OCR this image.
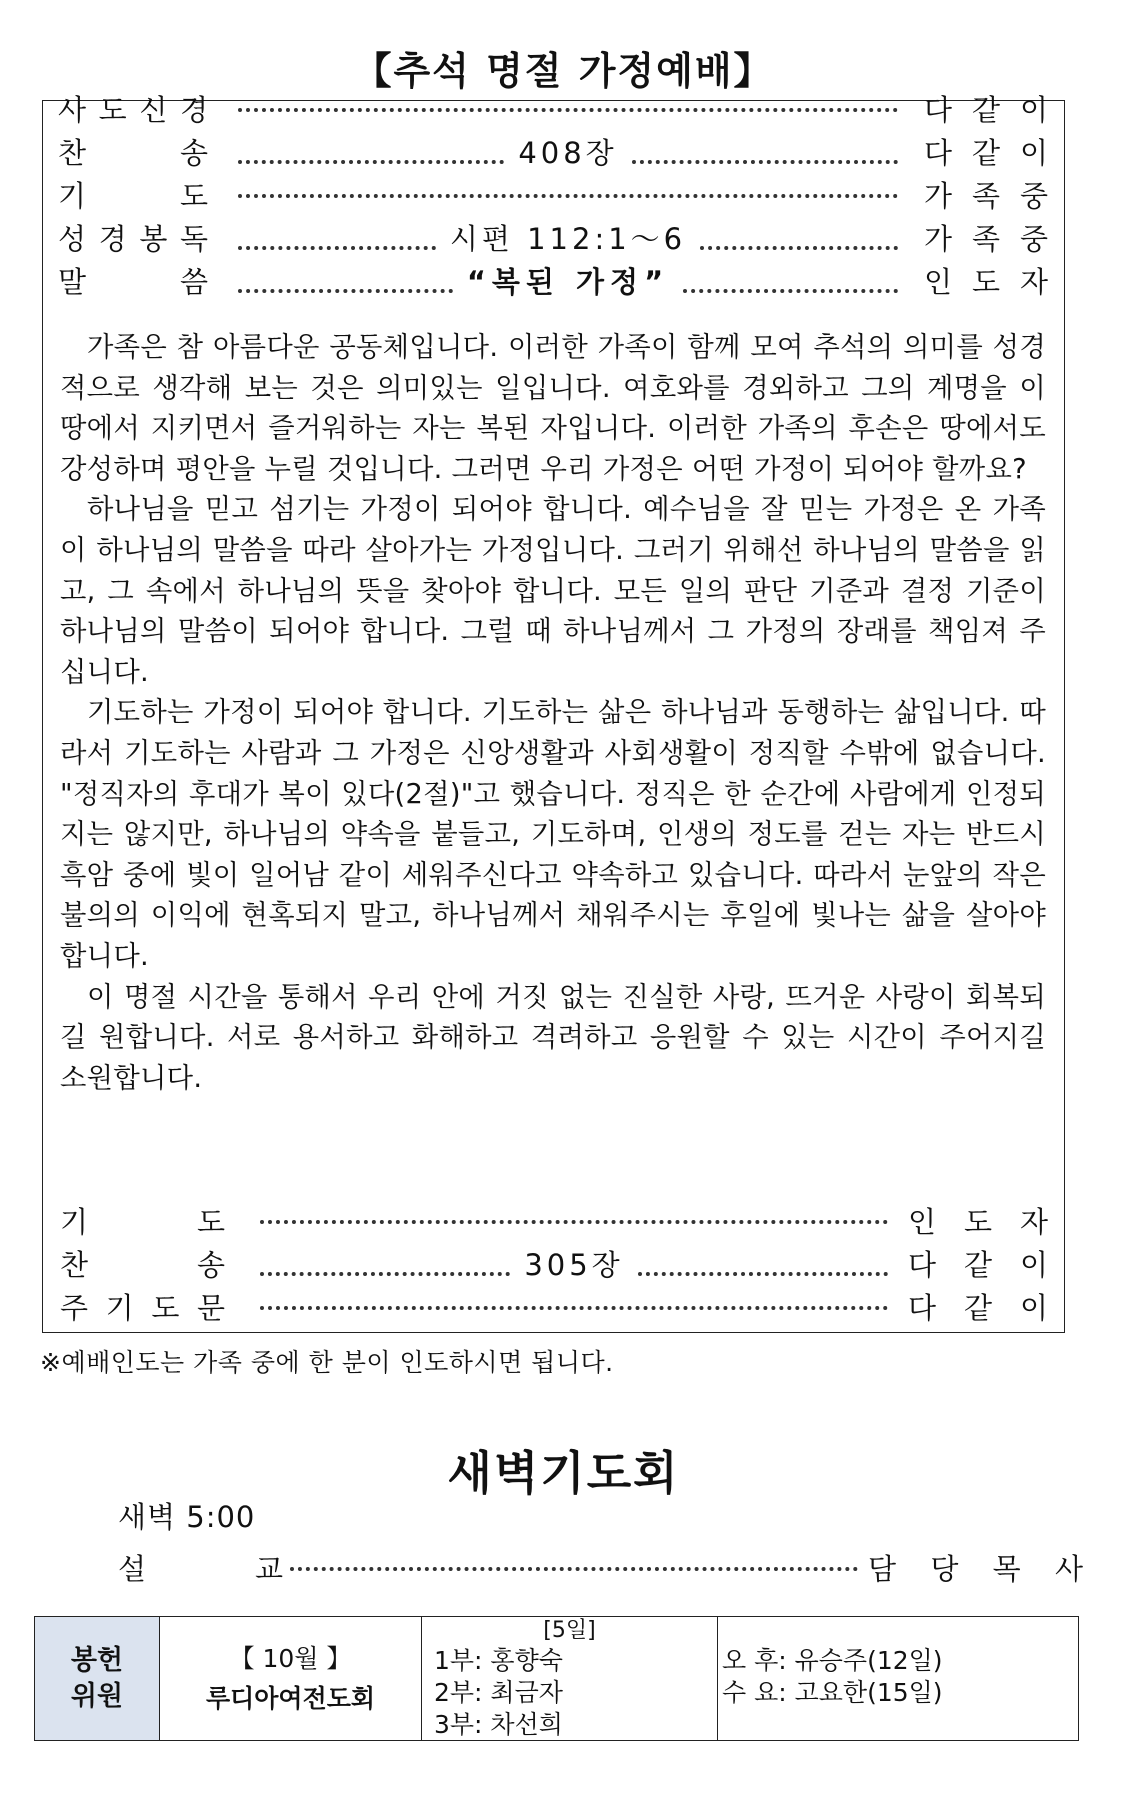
【추석 명절 가정예배】
사 도 신 경	다 같 이
찬	송	408장	다 같 이
기	도	가 족 중
성 경 봉 독	시편 112:1～6	가 족 중
말	씀	“복된 가정”	인 도 자

가족은 참 아름다운 공동체입니다. 이러한 가족이 함께 모여 추석의 의미를 성경적으로 생각해 보는 것은 의미있는 일입니다. 여호와를 경외하고 그의 계명을 이 땅에서 지키면서 즐거워하는 자는 복된 자입니다. 이러한 가족의 후손은 땅에서도 강성하며 평안을 누릴 것입니다. 그러면 우리 가정은 어떤 가정이 되어야 할까요?

하나님을 믿고 섬기는 가정이 되어야 합니다. 예수님을 잘 믿는 가정은 온 가족이 하나님의 말씀을 따라 살아가는 가정입니다. 그러기 위해선 하나님의 말씀을 읽고, 그 속에서 하나님의 뜻을 찾아야 합니다. 모든 일의 판단 기준과 결정 기준이 하나님의 말씀이 되어야 합니다. 그럴 때 하나님께서 그 가정의 장래를 책임져 주십니다.

기도하는 가정이 되어야 합니다. 기도하는 삶은 하나님과 동행하는 삶입니다. 따라서 기도하는 사람과 그 가정은 신앙생활과 사회생활이 정직할 수밖에 없습니다. "정직자의 후대가 복이 있다(2절)"고 했습니다. 정직은 한 순간에 사람에게 인정되지는 않지만, 하나님의 약속을 붙들고, 기도하며, 인생의 정도를 걷는 자는 반드시 흑암 중에 빛이 일어남 같이 세워주신다고 약속하고 있습니다. 따라서 눈앞의 작은 불의의 이익에 현혹되지 말고, 하나님께서 채워주시는 후일에 빛나는 삶을 살아야 합니다.

이 명절 시간을 통해서 우리 안에 거짓 없는 진실한 사랑, 뜨거운 사랑이 회복되길 원합니다. 서로 용서하고 화해하고 격려하고 응원할 수 있는 시간이 주어지길 소원합니다.

기	도	인 도 자
찬	송	305장	다 같 이
주 기 도 문	다 같 이
※예배인도는 가족 중에 한 분이 인도하시면 됩니다.
새벽기도회
새벽 5:00
설	교	담 당 목 사
봉헌
위원

【 10월 】
루디아여전도회

[5일]
1부: 홍향숙
2부: 최금자
3부: 차선희

오 후: 유승주(12일)
수 요: 고요한(15일)
